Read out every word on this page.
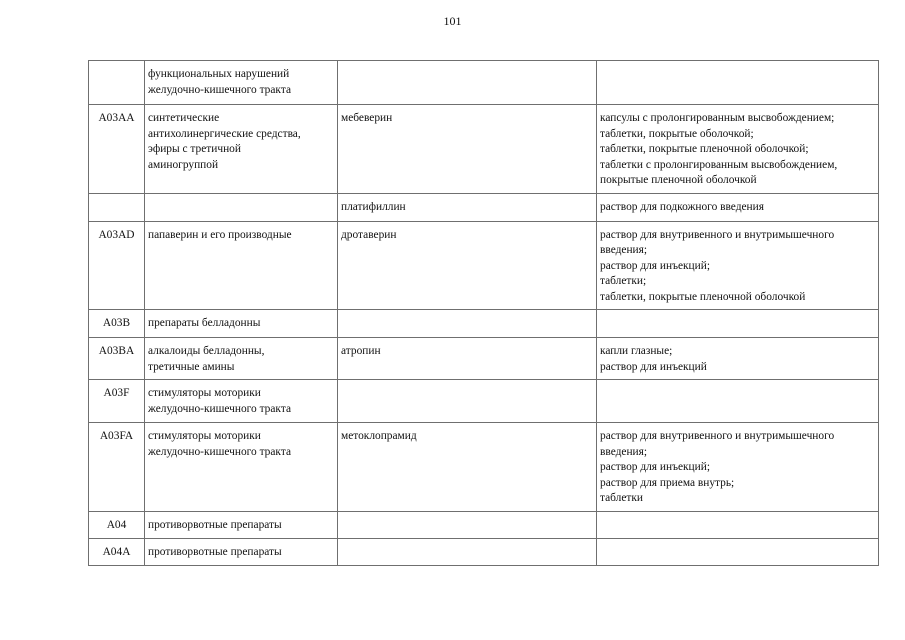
101
	функциональных нарушений
желудочно-кишечного тракта		
A03AA	синтетические
антихолинергические средства,
эфиры с третичной
аминогруппой	мебеверин	капсулы с пролонгированным высвобождением;
таблетки, покрытые оболочкой;
таблетки, покрытые пленочной оболочкой;
таблетки с пролонгированным высвобождением,
покрытые пленочной оболочкой
		платифиллин	раствор для подкожного введения
A03AD	папаверин и его производные	дротаверин	раствор для внутривенного и внутримышечного
введения;
раствор для инъекций;
таблетки;
таблетки, покрытые пленочной оболочкой
A03B	препараты белладонны		
A03BA	алкалоиды белладонны,
третичные амины	атропин	капли глазные;
раствор для инъекций
A03F	стимуляторы моторики
желудочно-кишечного тракта		
A03FA	стимуляторы моторики
желудочно-кишечного тракта	метоклопрамид	раствор для внутривенного и внутримышечного
введения;
раствор для инъекций;
раствор для приема внутрь;
таблетки
A04	противорвотные препараты		
A04A	противорвотные препараты		
